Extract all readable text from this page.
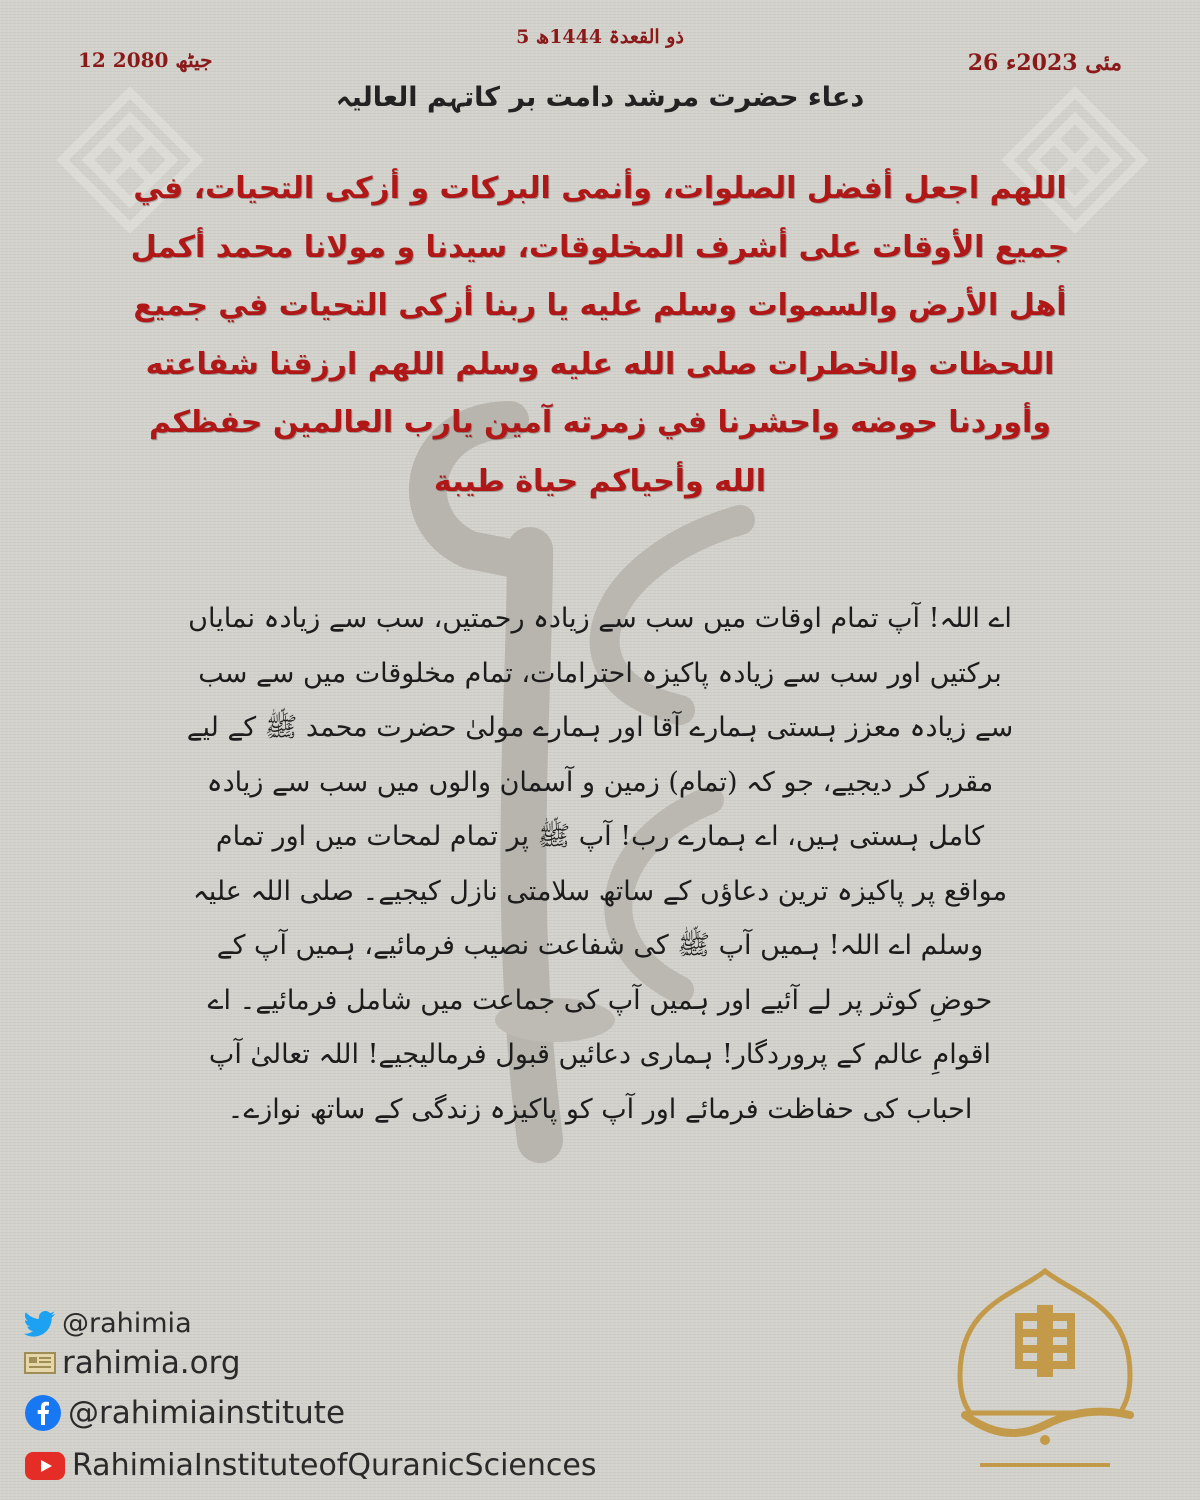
5 ذو القعدۃ 1444ھ
26 مئی 2023ء
12 جیٹھ 2080
دعاء حضرت مرشد دامت بر کاتہم العالیہ
اللهم اجعل أفضل الصلوات، وأنمى البركات و أزكى التحيات، في جميع الأوقات على أشرف المخلوقات، سيدنا و مولانا محمد أكمل أهل الأرض والسموات وسلم عليه يا ربنا أزكى التحيات في جميع اللحظات والخطرات صلى الله عليه وسلم اللهم ارزقنا شفاعته وأوردنا حوضه واحشرنا في زمرته آمين يارب العالمين حفظكم الله وأحياكم حياة طيبة
اے اللہ! آپ تمام اوقات میں سب سے زیادہ رحمتیں، سب سے زیادہ نمایاں برکتیں اور سب سے زیادہ پاکیزہ احترامات، تمام مخلوقات میں سے سب سے زیادہ معزز ہستی ہمارے آقا اور ہمارے مولیٰ حضرت محمد ﷺ کے لیے مقرر کر دیجیے، جو کہ (تمام) زمین و آسمان والوں میں سب سے زیادہ کامل ہستی ہیں، اے ہمارے رب! آپ ﷺ پر تمام لمحات میں اور تمام مواقع پر پاکیزہ ترین دعاؤں کے ساتھ سلامتی نازل کیجیے۔ صلی اللہ علیہ وسلم اے اللہ! ہمیں آپ ﷺ کی شفاعت نصیب فرمائیے، ہمیں آپ کے حوضِ کوثر پر لے آئیے اور ہمیں آپ کی جماعت میں شامل فرمائیے۔ اے اقوامِ عالم کے پروردگار! ہماری دعائیں قبول فرمالیجیے! اللہ تعالیٰ آپ احباب کی حفاظت فرمائے اور آپ کو پاکیزہ زندگی کے ساتھ نوازے۔
@rahimia
rahimia.org
@rahimiainstitute
RahimiaInstituteofQuranicSciences
